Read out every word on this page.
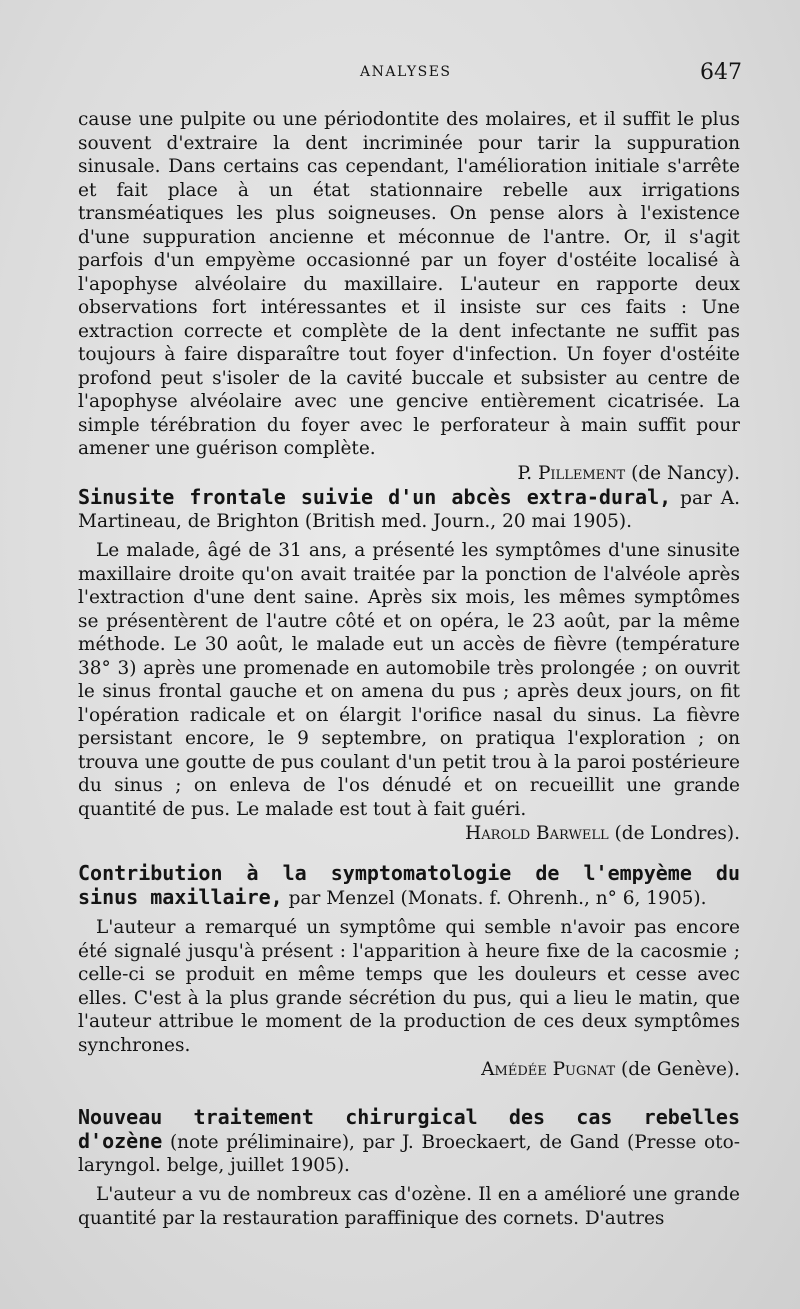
ANALYSES	647

cause une pulpite ou une périodontite des molaires, et il suffit le plus souvent d'extraire la dent incriminée pour tarir la suppuration sinusale. Dans certains cas cependant, l'amélioration initiale s'arrête et fait place à un état stationnaire rebelle aux irrigations transméatiques les plus soigneuses. On pense alors à l'existence d'une suppuration ancienne et méconnue de l'antre. Or, il s'agit parfois d'un empyème occasionné par un foyer d'ostéite localisé à l'apophyse alvéolaire du maxillaire. L'auteur en rapporte deux observations fort intéressantes et il insiste sur ces faits : Une extraction correcte et complète de la dent infectante ne suffit pas toujours à faire disparaître tout foyer d'infection. Un foyer d'ostéite profond peut s'isoler de la cavité buccale et subsister au centre de l'apophyse alvéolaire avec une gencive entièrement cicatrisée. La simple térébration du foyer avec le perforateur à main suffit pour amener une guérison complète.

P. Pillement (de Nancy).
Sinusite frontale suivie d'un abcès extra-dural, par A. Martineau, de Brighton (British med. Journ., 20 mai 1905).

Le malade, âgé de 31 ans, a présenté les symptômes d'une sinusite maxillaire droite qu'on avait traitée par la ponction de l'alvéole après l'extraction d'une dent saine. Après six mois, les mêmes symptômes se présentèrent de l'autre côté et on opéra, le 23 août, par la même méthode. Le 30 août, le malade eut un accès de fièvre (température 38° 3) après une promenade en automobile très prolongée ; on ouvrit le sinus frontal gauche et on amena du pus ; après deux jours, on fit l'opération radicale et on élargit l'orifice nasal du sinus. La fièvre persistant encore, le 9 septembre, on pratiqua l'exploration ; on trouva une goutte de pus coulant d'un petit trou à la paroi postérieure du sinus ; on enleva de l'os dénudé et on recueillit une grande quantité de pus. Le malade est tout à fait guéri.

Harold Barwell (de Londres).
Contribution à la symptomatologie de l'empyème du sinus maxillaire, par Menzel (Monats. f. Ohrenh., n° 6, 1905).

L'auteur a remarqué un symptôme qui semble n'avoir pas encore été signalé jusqu'à présent : l'apparition à heure fixe de la cacosmie ; celle-ci se produit en même temps que les douleurs et cesse avec elles. C'est à la plus grande sécrétion du pus, qui a lieu le matin, que l'auteur attribue le moment de la production de ces deux symptômes synchrones.

Amédée Pugnat (de Genève).
Nouveau traitement chirurgical des cas rebelles d'ozène (note préliminaire), par J. Broeckaert, de Gand (Presse oto-laryngol. belge, juillet 1905).

L'auteur a vu de nombreux cas d'ozène. Il en a amélioré une grande quantité par la restauration paraffinique des cornets. D'autres
